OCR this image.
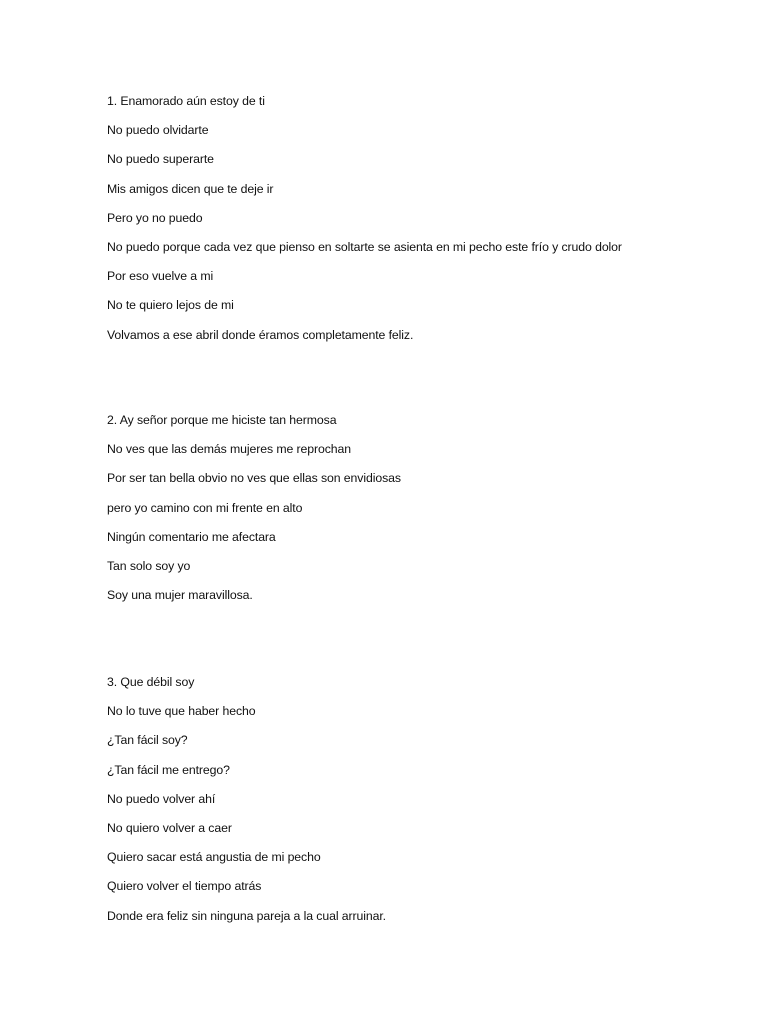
1. Enamorado aún estoy de ti
No puedo olvidarte
No puedo superarte
Mis amigos dicen que te deje ir
Pero yo no puedo
No puedo porque cada vez que pienso en soltarte se asienta en mi pecho este frío y crudo dolor
Por eso vuelve a mi
No te quiero lejos de mi
Volvamos a ese abril donde éramos completamente feliz.
2. Ay señor porque me hiciste tan hermosa
No ves que las demás mujeres me reprochan
Por ser tan bella obvio no ves que ellas son envidiosas
pero yo camino con mi frente en alto
Ningún comentario me afectara
Tan solo soy yo
Soy una mujer maravillosa.
3. Que débil soy
No lo tuve que haber hecho
¿Tan fácil soy?
¿Tan fácil me entrego?
No puedo volver ahí
No quiero volver a caer
Quiero sacar está angustia de mi pecho
Quiero volver el tiempo atrás
Donde era feliz sin ninguna pareja a la cual arruinar.
